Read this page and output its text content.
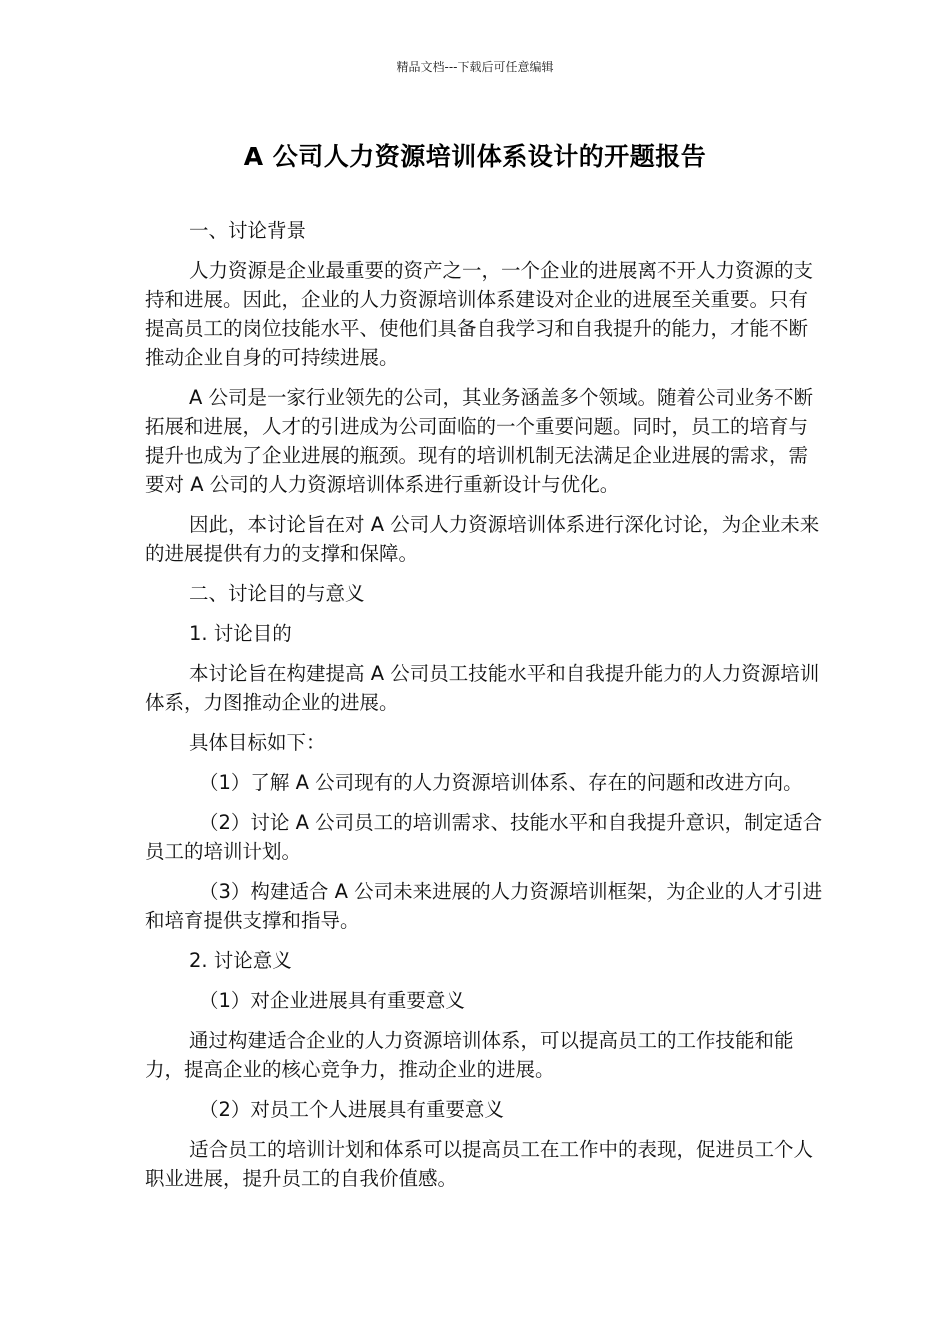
精品文档---下载后可任意编辑
A 公司人力资源培训体系设计的开题报告

一、讨论背景

人力资源是企业最重要的资产之一，一个企业的进展离不开人力资源的支持和进展。因此，企业的人力资源培训体系建设对企业的进展至关重要。只有提高员工的岗位技能水平、使他们具备自我学习和自我提升的能力，才能不断推动企业自身的可持续进展。

A 公司是一家行业领先的公司，其业务涵盖多个领域。随着公司业务不断拓展和进展，人才的引进成为公司面临的一个重要问题。同时，员工的培育与提升也成为了企业进展的瓶颈。现有的培训机制无法满足企业进展的需求，需要对 A 公司的人力资源培训体系进行重新设计与优化。

因此，本讨论旨在对 A 公司人力资源培训体系进行深化讨论，为企业未来的进展提供有力的支撑和保障。

二、讨论目的与意义

1. 讨论目的

本讨论旨在构建提高 A 公司员工技能水平和自我提升能力的人力资源培训体系，力图推动企业的进展。

具体目标如下：

（1）了解 A 公司现有的人力资源培训体系、存在的问题和改进方向。

（2）讨论 A 公司员工的培训需求、技能水平和自我提升意识，制定适合员工的培训计划。

（3）构建适合 A 公司未来进展的人力资源培训框架，为企业的人才引进和培育提供支撑和指导。

2. 讨论意义

（1）对企业进展具有重要意义

通过构建适合企业的人力资源培训体系，可以提高员工的工作技能和能力，提高企业的核心竞争力，推动企业的进展。

（2）对员工个人进展具有重要意义

适合员工的培训计划和体系可以提高员工在工作中的表现，促进员工个人职业进展，提升员工的自我价值感。
